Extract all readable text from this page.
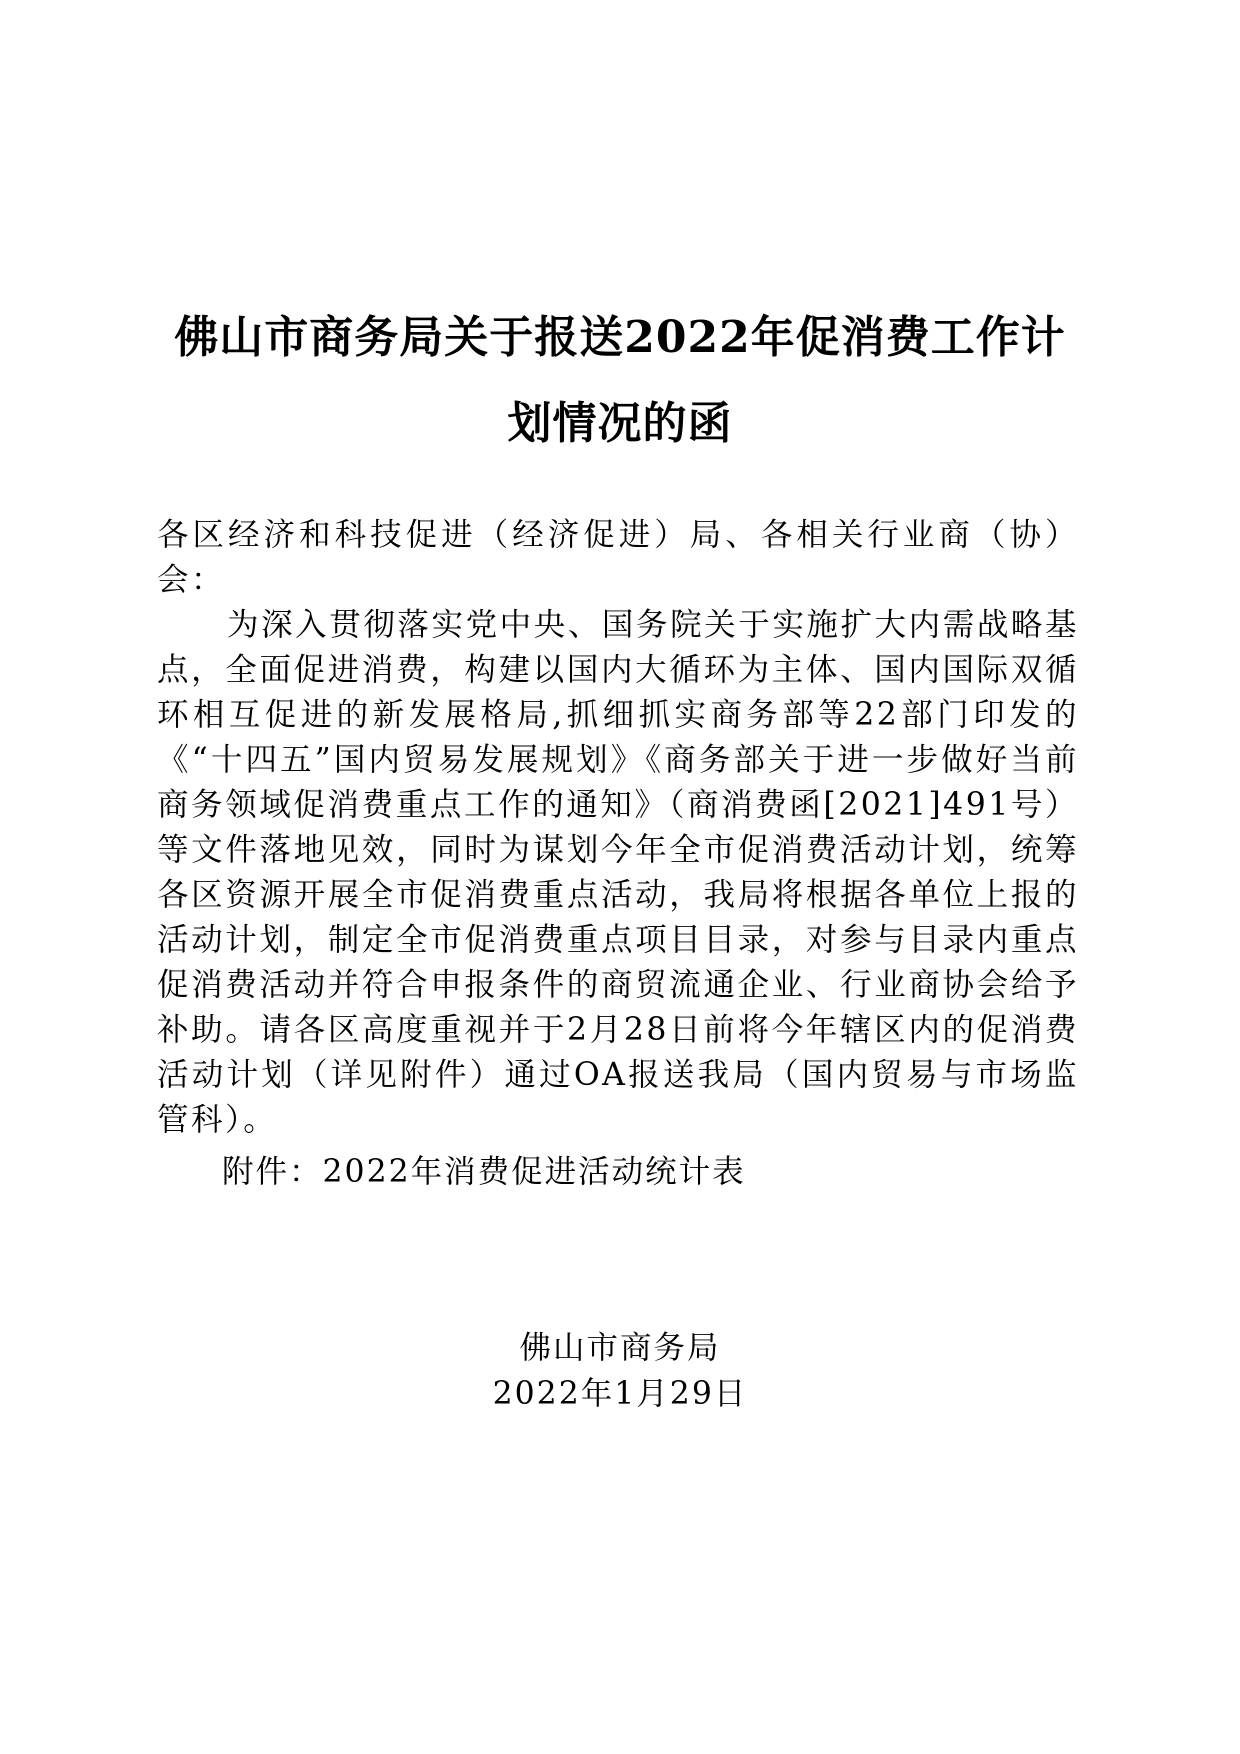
佛山市商务局关于报送2022年促消费工作计
划情况的函

各区经济和科技促进（经济促进）局、各相关行业商（协）会：

为深入贯彻落实党中央、国务院关于实施扩大内需战略基点，全面促进消费，构建以国内大循环为主体、国内国际双循环相互促进的新发展格局,抓细抓实商务部等22部门印发的《“十四五”国内贸易发展规划》《商务部关于进一步做好当前商务领域促消费重点工作的通知》（商消费函[2021]491号）等文件落地见效，同时为谋划今年全市促消费活动计划，统筹各区资源开展全市促消费重点活动，我局将根据各单位上报的活动计划，制定全市促消费重点项目目录，对参与目录内重点促消费活动并符合申报条件的商贸流通企业、行业商协会给予补助。请各区高度重视并于2月28日前将今年辖区内的促消费活动计划（详见附件）通过OA报送我局（国内贸易与市场监管科）。

附件：2022年消费促进活动统计表

佛山市商务局
2022年1月29日
